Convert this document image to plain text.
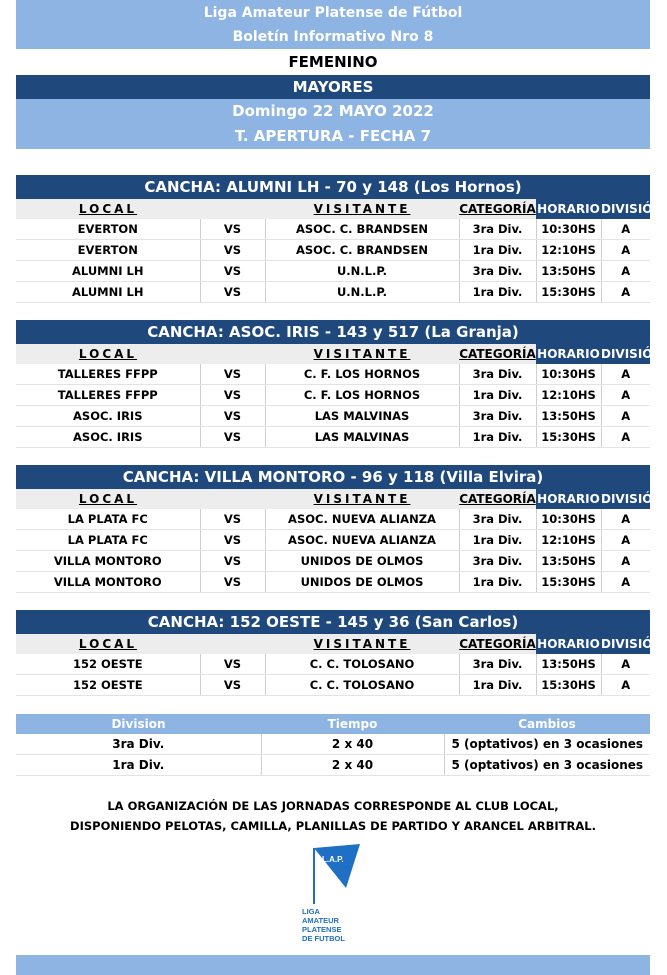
Liga Amateur Platense de Fútbol
Boletín Informativo Nro 8
FEMENINO
MAYORES
Domingo 22 MAYO 2022
T. APERTURA - FECHA 7
CANCHA: ALUMNI LH - 70 y 148 (Los Hornos)
LOCAL		VISITANTE	CATEGORÍA	HORARIO	DIVISIÓN
EVERTON	VS	ASOC. C. BRANDSEN	3ra Div.	10:30HS	A
EVERTON	VS	ASOC. C. BRANDSEN	1ra Div.	12:10HS	A
ALUMNI LH	VS	U.N.L.P.	3ra Div.	13:50HS	A
ALUMNI LH	VS	U.N.L.P.	1ra Div.	15:30HS	A
CANCHA: ASOC. IRIS - 143 y 517 (La Granja)
LOCAL		VISITANTE	CATEGORÍA	HORARIO	DIVISIÓN
TALLERES FFPP	VS	C. F. LOS HORNOS	3ra Div.	10:30HS	A
TALLERES FFPP	VS	C. F. LOS HORNOS	1ra Div.	12:10HS	A
ASOC. IRIS	VS	LAS MALVINAS	3ra Div.	13:50HS	A
ASOC. IRIS	VS	LAS MALVINAS	1ra Div.	15:30HS	A
CANCHA: VILLA MONTORO - 96 y 118 (Villa Elvira)
LOCAL		VISITANTE	CATEGORÍA	HORARIO	DIVISIÓN
LA PLATA FC	VS	ASOC. NUEVA ALIANZA	3ra Div.	10:30HS	A
LA PLATA FC	VS	ASOC. NUEVA ALIANZA	1ra Div.	12:10HS	A
VILLA MONTORO	VS	UNIDOS DE OLMOS	3ra Div.	13:50HS	A
VILLA MONTORO	VS	UNIDOS DE OLMOS	1ra Div.	15:30HS	A
CANCHA: 152 OESTE - 145 y 36 (San Carlos)
LOCAL		VISITANTE	CATEGORÍA	HORARIO	DIVISIÓN
152 OESTE	VS	C. C. TOLOSANO	3ra Div.	13:50HS	A
152 OESTE	VS	C. C. TOLOSANO	1ra Div.	15:30HS	A
Division	Tiempo	Cambios
3ra Div.	2 x 40	5 (optativos) en 3 ocasiones
1ra Div.	2 x 40	5 (optativos) en 3 ocasiones
LA ORGANIZACIÓN DE LAS JORNADAS CORRESPONDE AL CLUB LOCAL,
DISPONIENDO PELOTAS, CAMILLA, PLANILLAS DE PARTIDO Y ARANCEL ARBITRAL.
L.A.P.
LIGA
AMATEUR
PLATENSE
DE FUTBOL
